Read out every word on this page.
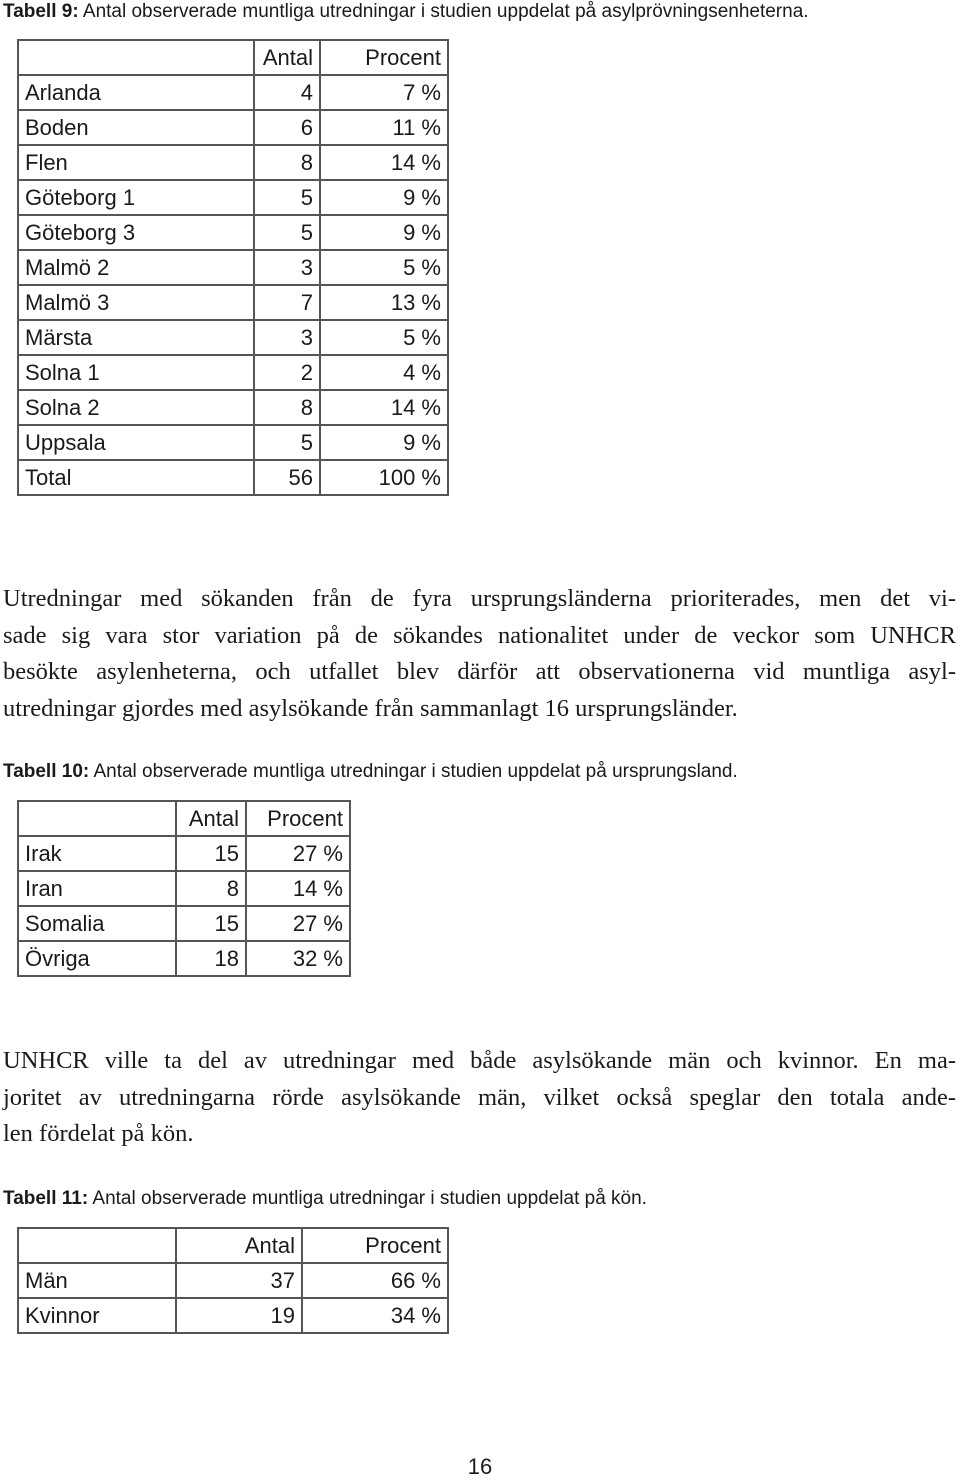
Tabell 9: Antal observerade muntliga utredningar i studien uppdelat på asylprövningsenheterna.
	Antal	Procent
Arlanda	4	7 %
Boden	6	11 %
Flen	8	14 %
Göteborg 1	5	9 %
Göteborg 3	5	9 %
Malmö 2	3	5 %
Malmö 3	7	13 %
Märsta	3	5 %
Solna 1	2	4 %
Solna 2	8	14 %
Uppsala	5	9 %
Total	56	100 %
Utredningar med sökanden från de fyra ursprungsländerna prioriterades, men det vi-
sade sig vara stor variation på de sökandes nationalitet under de veckor som UNHCR
besökte asylenheterna, och utfallet blev därför att observationerna vid muntliga asyl-
utredningar gjordes med asylsökande från sammanlagt 16 ursprungsländer.
Tabell 10: Antal observerade muntliga utredningar i studien uppdelat på ursprungsland.
	Antal	Procent
Irak	15	27 %
Iran	8	14 %
Somalia	15	27 %
Övriga	18	32 %
UNHCR ville ta del av utredningar med både asylsökande män och kvinnor. En ma-
joritet av utredningarna rörde asylsökande män, vilket också speglar den totala ande-
len fördelat på kön.
Tabell 11: Antal observerade muntliga utredningar i studien uppdelat på kön.
	Antal	Procent
Män	37	66 %
Kvinnor	19	34 %
16
